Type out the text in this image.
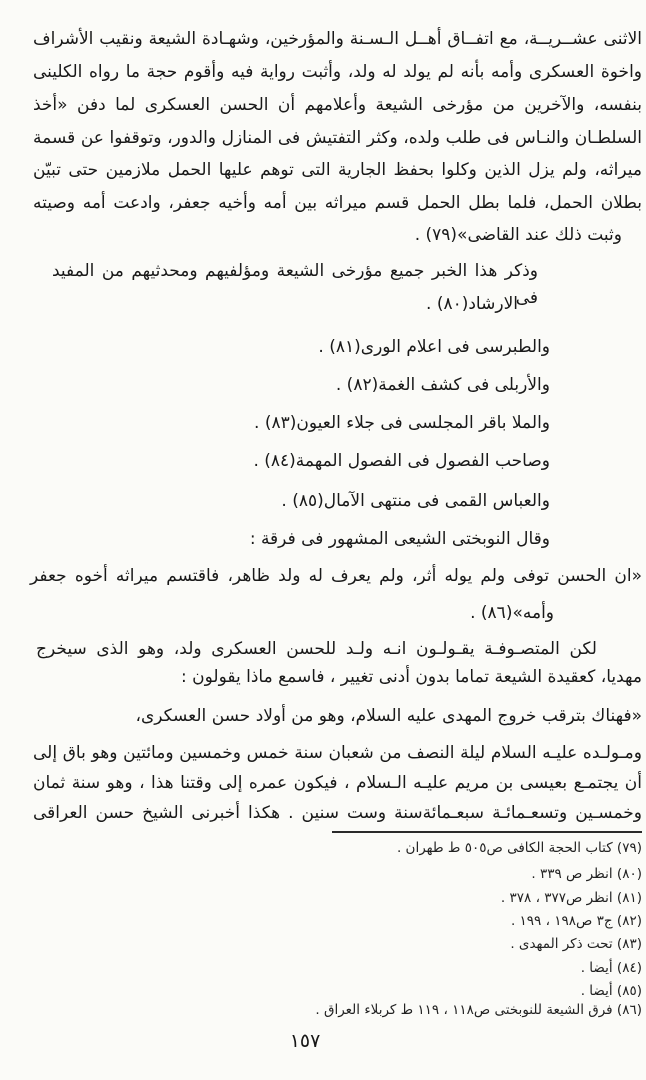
الاثنى عشــريــة، مع اتفــاق أهــل الـسـنة والمؤرخين، وشهـادة الشيعة ونقيب الأشراف
واخوة العسكرى وأمه بأنه لم يولد له ولد، وأثبت رواية فيه وأقوم حجة ما رواه الكلينى
بنفسه، والآخرين من مؤرخى الشيعة وأعلامهم أن الحسن العسكرى لما دفن «أخذ
السلطـان والنـاس فى طلب ولده، وكثر التفتيش فى المنازل والدور، وتوقفوا عن قسمة
ميراثه، ولم يزل الذين وكلوا بحفظ الجارية التى توهم عليها الحمل ملازمين حتى تبيّن
بطلان الحمل، فلما بطل الحمل قسم ميراثه بين أمه وأخيه جعفر، وادعت أمه وصيته
وثبت ذلك عند القاضى»(٧٩) .
وذكر هذا الخبر جميع مؤرخى الشيعة ومؤلفيهم ومحدثيهم من المفيد فى
الارشاد(٨٠) .
والطبرسى فى اعلام الورى(٨١) .
والأربلى فى كشف الغمة(٨٢) .
والملا باقر المجلسى فى جلاء العيون(٨٣) .
وصاحب الفصول فى الفصول المهمة(٨٤) .
والعباس القمى فى منتهى الآمال(٨٥) .
وقال النوبختى الشيعى المشهور فى فرقة :
«ان الحسن توفى ولم يوله أثر، ولم يعرف له ولد ظاهر، فاقتسم ميراثه أخوه جعفر
وأمه»(٨٦) .
لكن المتصـوفـة يقـولـون انـه ولـد للحسن العسكرى ولد، وهو الذى سيخرج
مهديا، كعقيدة الشيعة تماما بدون أدنى تغيير ، فاسمع ماذا يقولون :
«فهناك بترقب خروج المهدى عليه السلام، وهو من أولاد حسن العسكرى،
ومـولـده عليـه السلام ليلة النصف من شعبان سنة خمس وخمسين ومائتين وهو باق إلى
أن يجتمـع بعيسى بن مريم عليـه الـسلام ، فيكون عمره إلى وقتنا هذا ، وهو سنة ثمان
وخمسـين وتسعـمائـة سبعـمائةسنة وست سنين . هكذا أخبرنى الشيخ حسن العراقى
(٧٩) كتاب الحجة الكافى ص٥٠٥ ط طهران .
(٨٠) انظر ص ٣٣٩ .
(٨١) انظر ص٣٧٧ ، ٣٧٨ .
(٨٢) ج٣ ص١٩٨ ، ١٩٩ .
(٨٣) تحت ذكر المهدى .
(٨٤) أيضا .
(٨٥) أيضا .
(٨٦) فرق الشيعة للنوبختى ص١١٨ ، ١١٩ ط كربلاء العراق .
١٥٧
